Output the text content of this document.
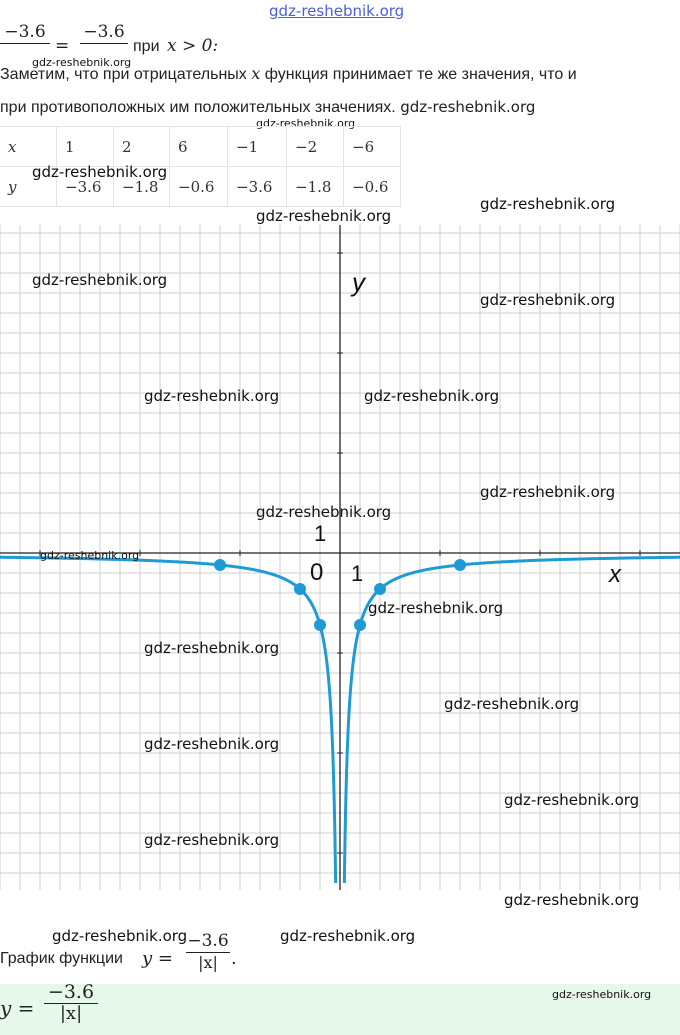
gdz-reshebnik.org
−3.6
=
−3.6
при x > 0:
gdz-reshebnik.org
Заметим, что при отрицательных x функция принимает те же значения, что и
при противоположных им положительных значениях. gdz-reshebnik.org
gdz-reshebnik.org
x	1	2	6	−1	−2	−6
y	−3.6	−1.8	−0.6	−3.6	−1.8	−0.6
gdz-reshebnik.org
gdz-reshebnik.org
gdz-reshebnik.org
y
x
0 1
1
gdz-reshebnik.org
gdz-reshebnik.org
gdz-reshebnik.org	gdz-reshebnik.org
gdz-reshebnik.org
gdz-reshebnik.org
gdz-reshebnik.org
gdz-reshebnik.org
gdz-reshebnik.org
gdz-reshebnik.org
gdz-reshebnik.org
gdz-reshebnik.org
gdz-reshebnik.org
gdz-reshebnik.org
gdz-reshebnik.org	gdz-reshebnik.org
График функции y =
−3.6
|x| .
y =
−3.6
|x|
gdz-reshebnik.org
